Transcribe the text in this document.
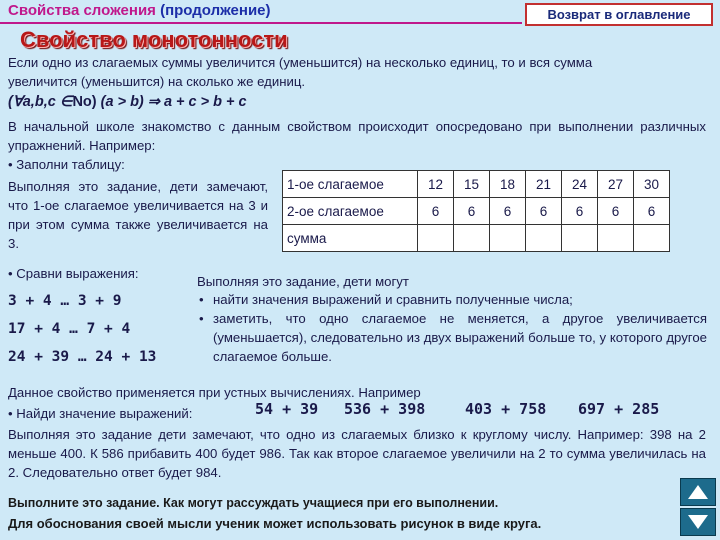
Свойства сложения (продолжение)	Возврат в оглавление
Свойство монотонности
Если одно из слагаемых суммы увеличится (уменьшится) на несколько единиц, то и вся сумма увеличится (уменьшится) на сколько же единиц.
(∀a,b,c ∈No) (a > b) ⇒ a + c > b + c
В начальной школе знакомство с данным свойством происходит опосредовано при выполнении различных упражнений. Например:
• Заполни таблицу:
Выполняя это задание, дети замечают, что 1-ое слагаемое увеличивается на 3 и при этом сумма также увеличивается на 3.
1-ое слагаемое	12	15	18	21	24	27	30
2-ое слагаемое	6	6	6	6	6	6	6
сумма							
• Сравни выражения:
3 + 4 … 3 + 9
17 + 4 … 7 + 4
24 + 39 … 24 + 13
Выполняя это задание, дети могут
• найти значения выражений и сравнить полученные числа;
• заметить, что одно слагаемое не меняется, а другое увеличивается (уменьшается), следовательно из двух выражений больше то, у которого другое слагаемое больше.
Данное свойство применяется при устных вычислениях. Например
• Найди значение выражений:	54 + 39 536 + 398	403 + 758 697 + 285
Выполняя это задание дети замечают, что одно из слагаемых близко к круглому числу. Например: 398 на 2 меньше 400. К 586 прибавить 400 будет 986. Так как второе слагаемое увеличили на 2 то сумма увеличилась на 2. Следовательно ответ будет 984.
Выполните это задание. Как могут рассуждать учащиеся при его выполнении.
Для обоснования своей мысли ученик может использовать рисунок в виде круга.
